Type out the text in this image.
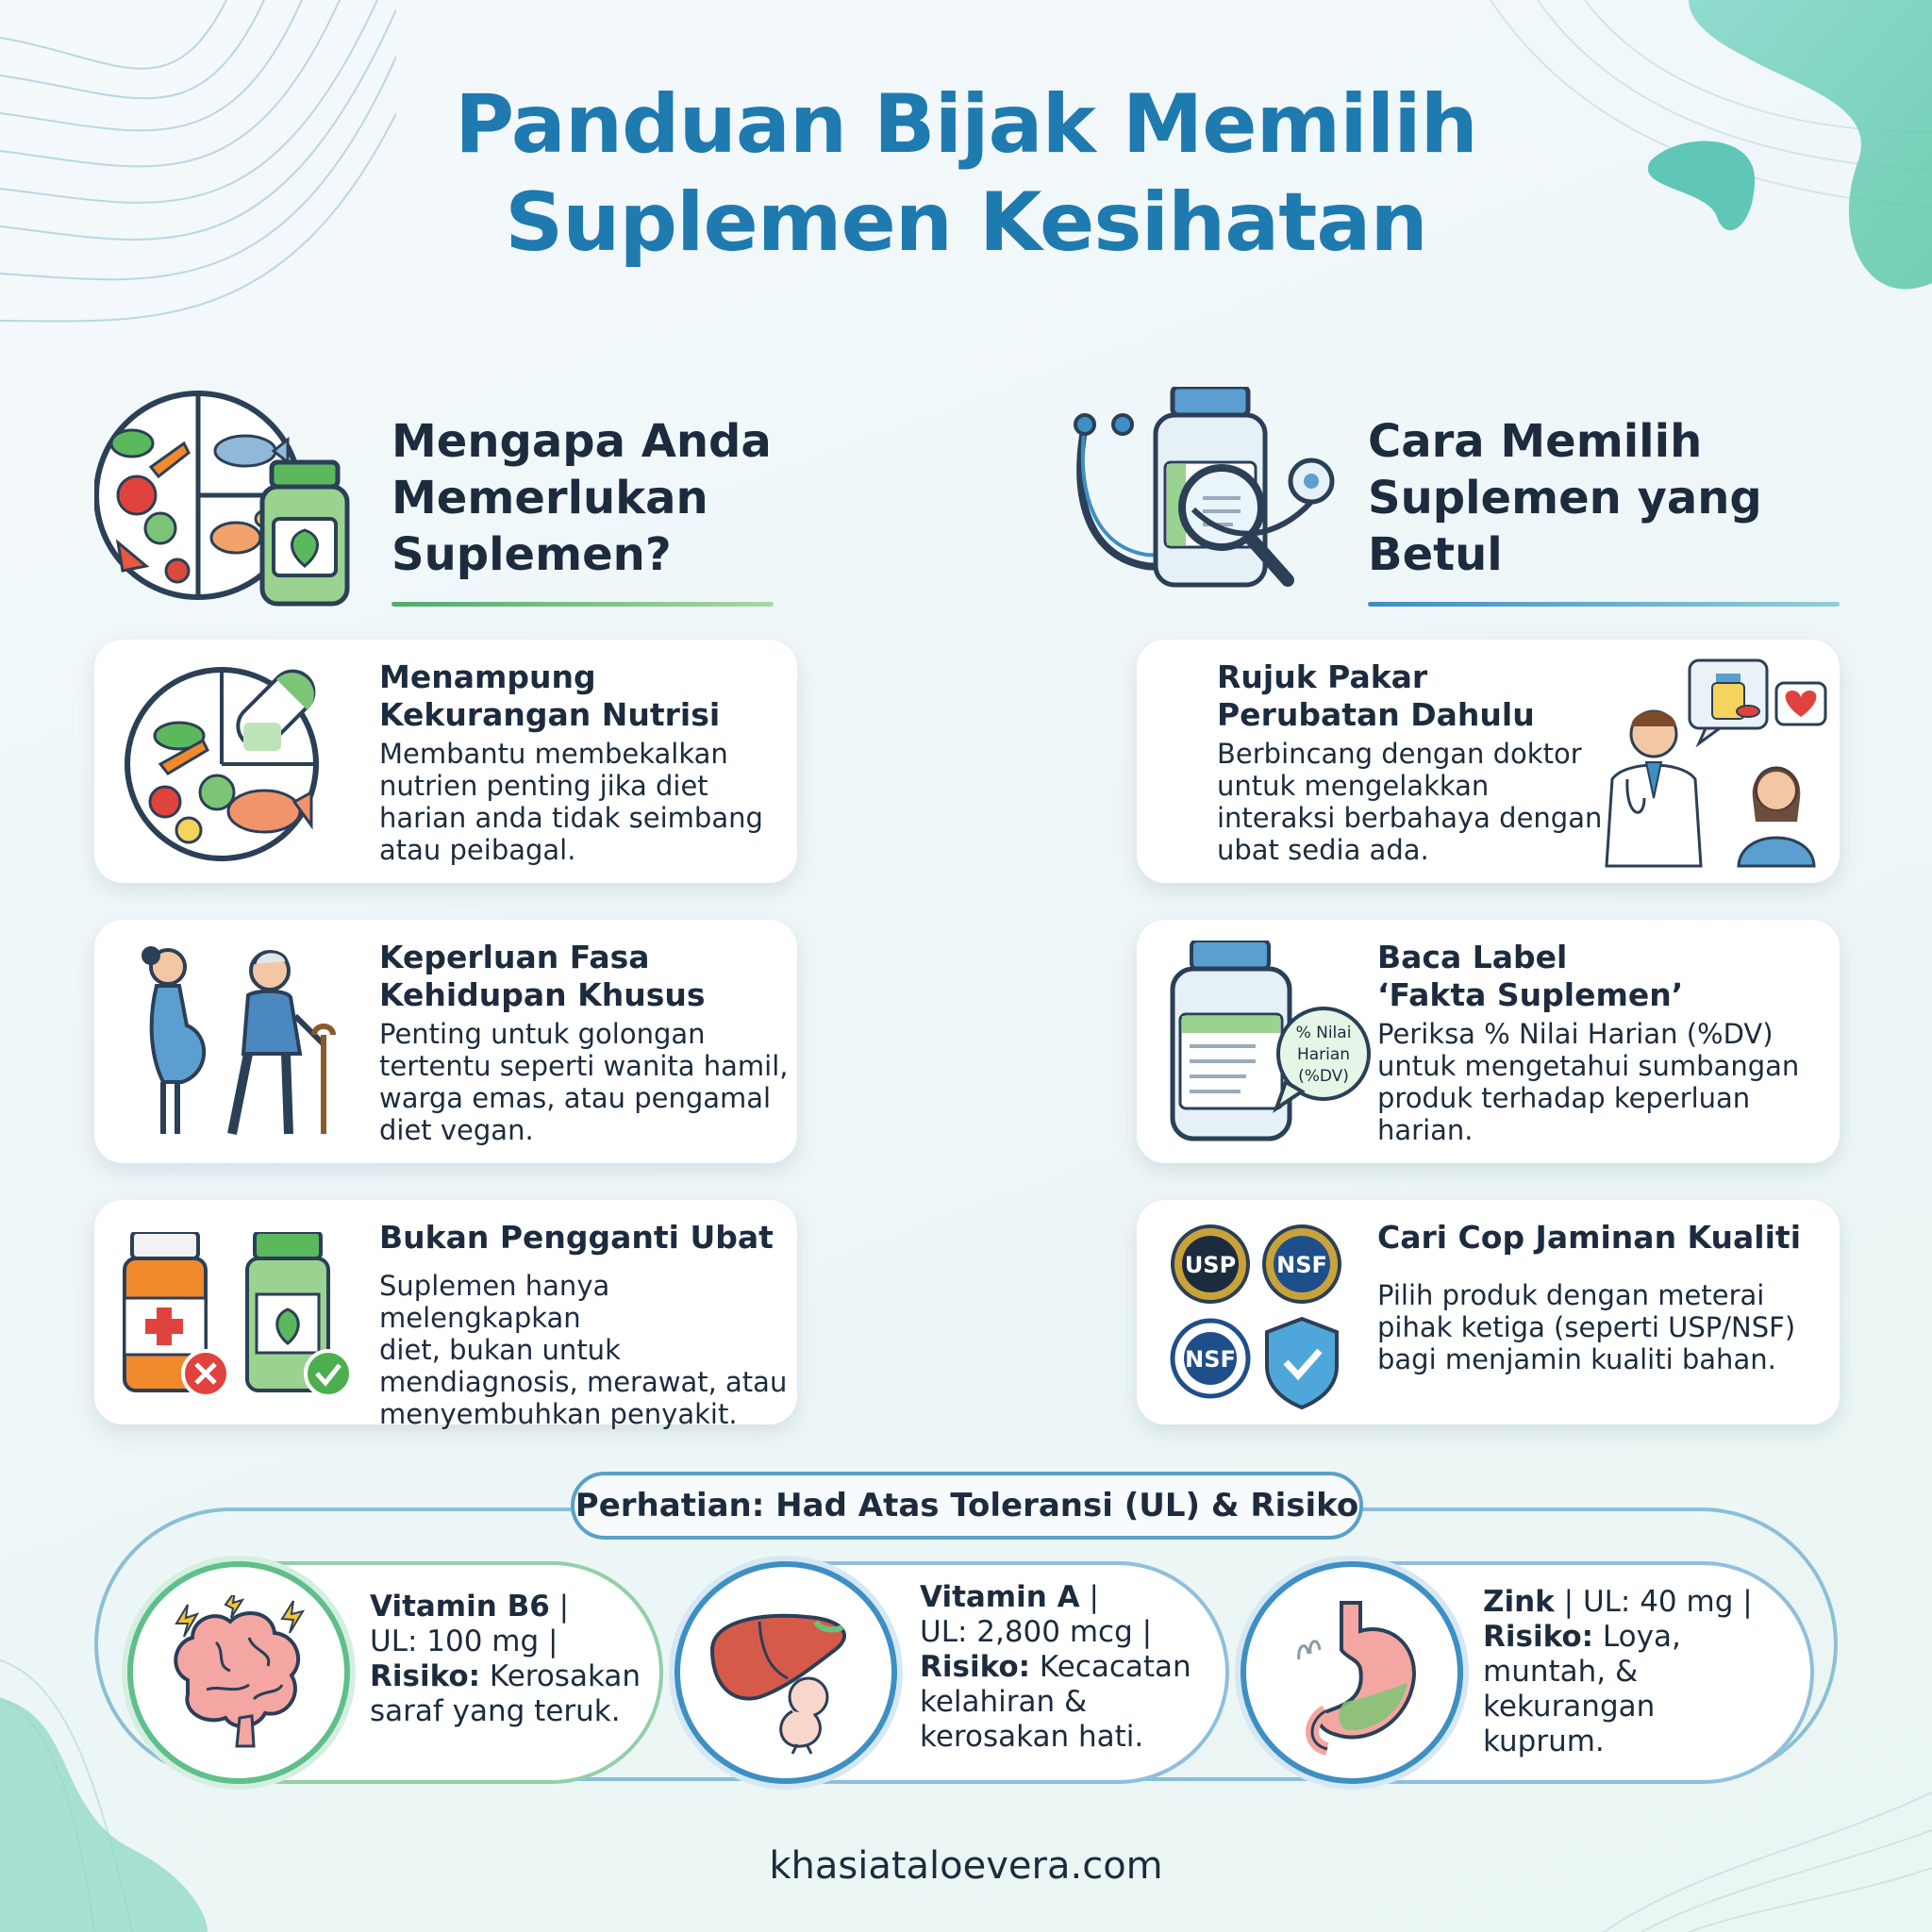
Panduan Bijak Memilih
Suplemen Kesihatan
Mengapa Anda
Memerlukan
Suplemen?
Cara Memilih
Suplemen yang
Betul
Menampung
Kekurangan Nutrisi
Membantu membekalkan
nutrien penting jika diet
harian anda tidak seimbang
atau peibagal.
Keperluan Fasa
Kehidupan Khusus
Penting untuk golongan
tertentu seperti wanita hamil,
warga emas, atau pengamal
diet vegan.
Bukan Pengganti Ubat
Suplemen hanya melengkapkan
diet, bukan untuk
mendiagnosis, merawat, atau
menyembuhkan penyakit.
Rujuk Pakar
Perubatan Dahulu
Berbincang dengan doktor
untuk mengelakkan
interaksi berbahaya dengan
ubat sedia ada.
% Nilai
Harian
(%DV)
Baca Label
‘Fakta Suplemen’
Periksa % Nilai Harian (%DV)
untuk mengetahui sumbangan
produk terhadap keperluan
harian.
USP NSF
NSF
Cari Cop Jaminan Kualiti
Pilih produk dengan meterai
pihak ketiga (seperti USP/NSF)
bagi menjamin kualiti bahan.
Perhatian: Had Atas Toleransi (UL) & Risiko
Vitamin B6 |
UL: 100 mg |
Risiko: Kerosakan
saraf yang teruk.
Vitamin A |
UL: 2,800 mcg |
Risiko: Kecacatan
kelahiran &
kerosakan hati.
Zink | UL: 40 mg |
Risiko: Loya,
muntah, &
kekurangan
kuprum.
khasiataloevera.com
